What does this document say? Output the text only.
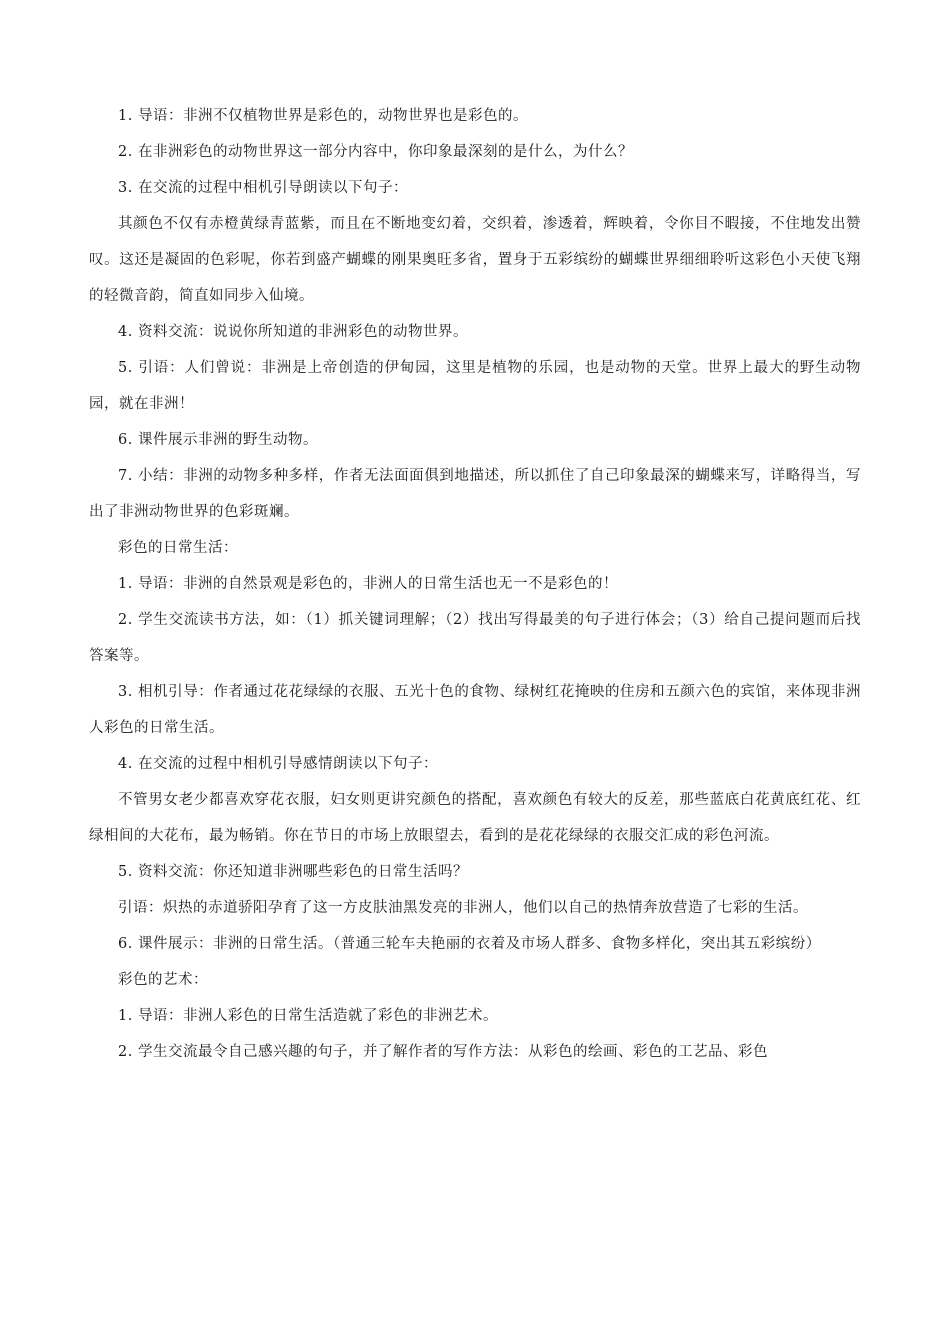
1. 导语：非洲不仅植物世界是彩色的，动物世界也是彩色的。

2. 在非洲彩色的动物世界这一部分内容中，你印象最深刻的是什么，为什么？

3. 在交流的过程中相机引导朗读以下句子：

其颜色不仅有赤橙黄绿青蓝紫，而且在不断地变幻着，交织着，渗透着，辉映着，令你目不暇接，不住地发出赞叹。这还是凝固的色彩呢，你若到盛产蝴蝶的刚果奥旺多省，置身于五彩缤纷的蝴蝶世界细细聆听这彩色小天使飞翔的轻微音韵，简直如同步入仙境。

4. 资料交流：说说你所知道的非洲彩色的动物世界。

5. 引语：人们曾说：非洲是上帝创造的伊甸园，这里是植物的乐园，也是动物的天堂。世界上最大的野生动物园，就在非洲！

6. 课件展示非洲的野生动物。

7. 小结：非洲的动物多种多样，作者无法面面俱到地描述，所以抓住了自己印象最深的蝴蝶来写，详略得当，写出了非洲动物世界的色彩斑斓。

彩色的日常生活：

1. 导语：非洲的自然景观是彩色的，非洲人的日常生活也无一不是彩色的！

2. 学生交流读书方法，如：（1）抓关键词理解；（2）找出写得最美的句子进行体会；（3）给自己提问题而后找答案等。

3. 相机引导：作者通过花花绿绿的衣服、五光十色的食物、绿树红花掩映的住房和五颜六色的宾馆，来体现非洲人彩色的日常生活。

4. 在交流的过程中相机引导感情朗读以下句子：

不管男女老少都喜欢穿花衣服，妇女则更讲究颜色的搭配，喜欢颜色有较大的反差，那些蓝底白花黄底红花、红绿相间的大花布，最为畅销。你在节日的市场上放眼望去，看到的是花花绿绿的衣服交汇成的彩色河流。

5. 资料交流：你还知道非洲哪些彩色的日常生活吗？

引语：炽热的赤道骄阳孕育了这一方皮肤油黑发亮的非洲人，他们以自己的热情奔放营造了七彩的生活。

6. 课件展示：非洲的日常生活。（普通三轮车夫艳丽的衣着及市场人群多、食物多样化，突出其五彩缤纷）

彩色的艺术：

1. 导语：非洲人彩色的日常生活造就了彩色的非洲艺术。

2. 学生交流最令自己感兴趣的句子，并了解作者的写作方法：从彩色的绘画、彩色的工艺品、彩色
